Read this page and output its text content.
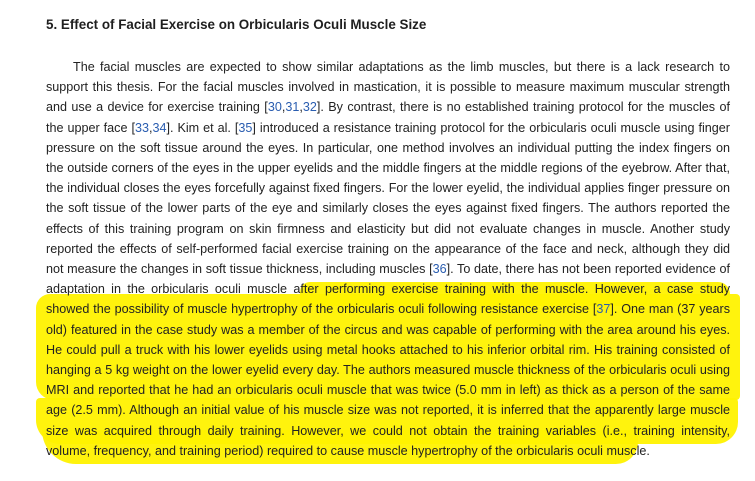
5. Effect of Facial Exercise on Orbicularis Oculi Muscle Size

The facial muscles are expected to show similar adaptations as the limb muscles, but there is a lack research to support this thesis. For the facial muscles involved in mastication, it is possible to measure maximum muscular strength and use a device for exercise training [30,31,32]. By contrast, there is no established training protocol for the muscles of the upper face [33,34]. Kim et al. [35] introduced a resistance training protocol for the orbicularis oculi muscle using finger pressure on the soft tissue around the eyes. In particular, one method involves an individual putting the index fingers on the outside corners of the eyes in the upper eyelids and the middle fingers at the middle regions of the eyebrow. After that, the individual closes the eyes forcefully against fixed fingers. For the lower eyelid, the individual applies finger pressure on the soft tissue of the lower parts of the eye and similarly closes the eyes against fixed fingers. The authors reported the effects of this training program on skin firmness and elasticity but did not evaluate changes in muscle. Another study reported the effects of self-performed facial exercise training on the appearance of the face and neck, although they did not measure the changes in soft tissue thickness, including muscles [36]. To date, there has not been reported evidence of adaptation in the orbicularis oculi muscle after performing exercise training with the muscle. However, a case study showed the possibility of muscle hypertrophy of the orbicularis oculi following resistance exercise [37]. One man (37 years old) featured in the case study was a member of the circus and was capable of performing with the area around his eyes. He could pull a truck with his lower eyelids using metal hooks attached to his inferior orbital rim. His training consisted of hanging a 5 kg weight on the lower eyelid every day. The authors measured muscle thickness of the orbicularis oculi using MRI and reported that he had an orbicularis oculi muscle that was twice (5.0 mm in left) as thick as a person of the same age (2.5 mm). Although an initial value of his muscle size was not reported, it is inferred that the apparently large muscle size was acquired through daily training. However, we could not obtain the training variables (i.e., training intensity, volume, frequency, and training period) required to cause muscle hypertrophy of the orbicularis oculi muscle.
